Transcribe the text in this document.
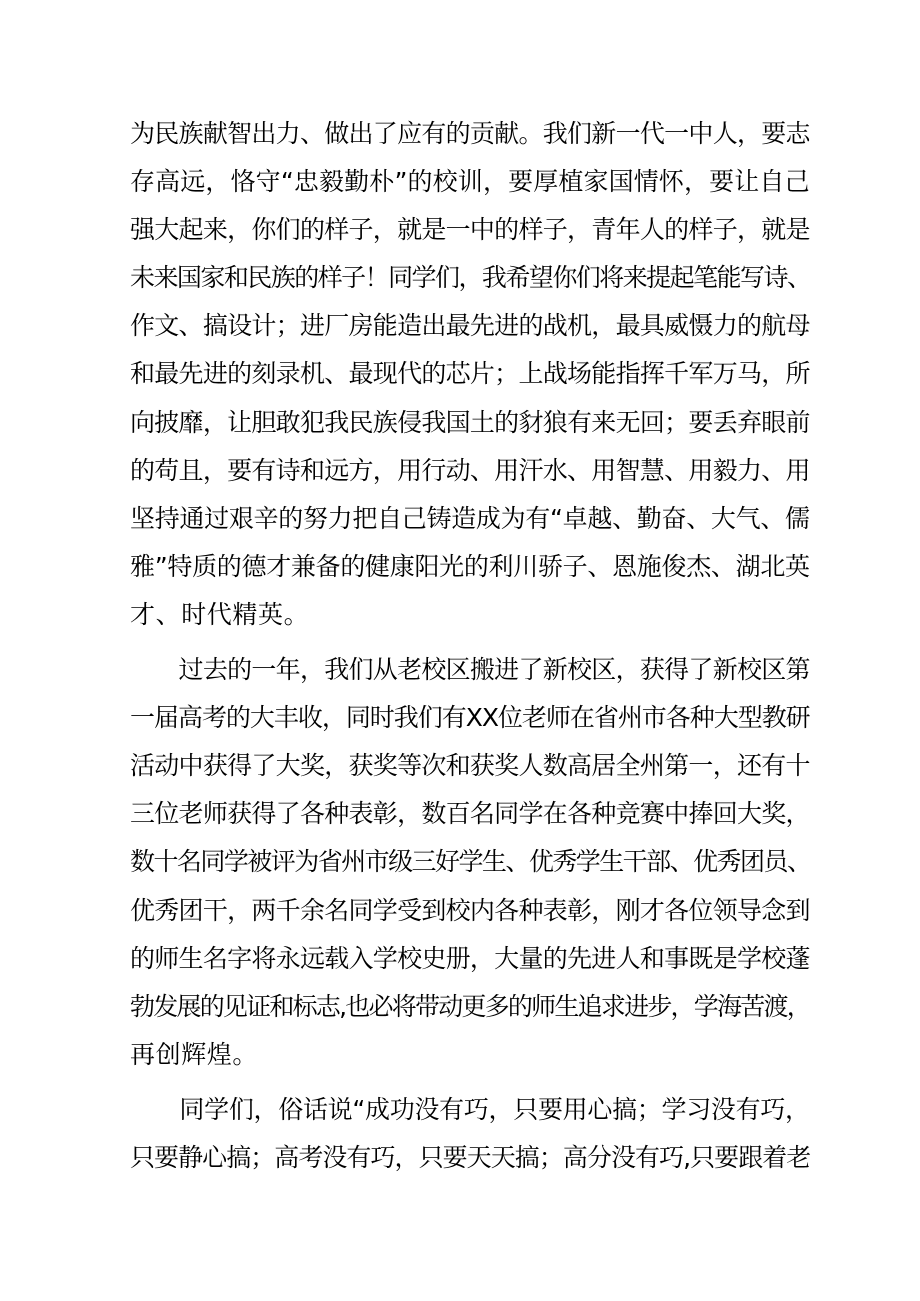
为民族献智出力、做出了应有的贡献。我们新一代一中人，要志
存高远，恪守“忠毅勤朴”的校训，要厚植家国情怀，要让自己
强大起来，你们的样子，就是一中的样子，青年人的样子，就是
未来国家和民族的样子！同学们，我希望你们将来提起笔能写诗、
作文、搞设计；进厂房能造出最先进的战机，最具威慑力的航母
和最先进的刻录机、最现代的芯片；上战场能指挥千军万马，所
向披靡，让胆敢犯我民族侵我国土的豺狼有来无回；要丢弃眼前
的苟且，要有诗和远方，用行动、用汗水、用智慧、用毅力、用
坚持通过艰辛的努力把自己铸造成为有“卓越、勤奋、大气、儒
雅”特质的德才兼备的健康阳光的利川骄子、恩施俊杰、湖北英
才、时代精英。
　　过去的一年，我们从老校区搬进了新校区，获得了新校区第
一届高考的大丰收，同时我们有XX位老师在省州市各种大型教研
活动中获得了大奖，获奖等次和获奖人数高居全州第一，还有十
三位老师获得了各种表彰，数百名同学在各种竞赛中捧回大奖，
数十名同学被评为省州市级三好学生、优秀学生干部、优秀团员、
优秀团干，两千余名同学受到校内各种表彰，刚才各位领导念到
的师生名字将永远载入学校史册，大量的先进人和事既是学校蓬
勃发展的见证和标志,也必将带动更多的师生追求进步，学海苦渡，
再创辉煌。
　　同学们，俗话说“成功没有巧，只要用心搞；学习没有巧，
只要静心搞；高考没有巧，只要天天搞；高分没有巧,只要跟着老
